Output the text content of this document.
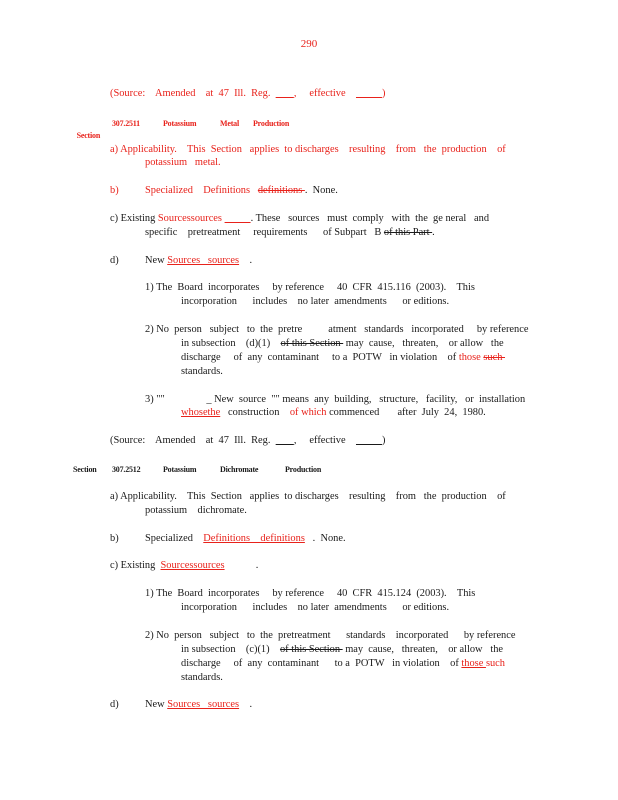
290
(Source:    Amended    at  47  Ill.  Reg.         ,     effective              )

Section

307.2511	Potassium	Metal Production
a) Applicability.    This  Section   applies  to discharges    resulting    from   the  production    of
potassium   metal.
b)	Specialized    Definitions definitions .  None.
c) Existing Sourcessources	. These   sources   must  comply   with  the  ge neral   and
specific    pretreatment     requirements      of Subpart   B of this Part .
d)	New Sources   sources    .
1) The  Board  incorporates     by reference     40  CFR  415.116  (2003).    This
incorporation      includes    no later  amendments      or editions.
2) No  person   subject   to  the  pretre          atment   standards   incorporated     by reference
in subsection    (d)(1)    of this Section  may  cause,   threaten,    or allow   the
discharge     of  any  contaminant     to a  POTW   in violation    of those such
standards.
3) ""                _ New  source  "" means  any  building,   structure,   facility,   or  installation
whosethe   construction    of which commenced       after  July  24,  1980.
(Source:    Amended    at  47  Ill.  Reg.         ,     effective              )
Section 307.2512	Potassium	Dichromate	Production
a) Applicability.    This  Section   applies  to discharges    resulting    from   the  production    of
potassium    dichromate.
b)	Specialized    Definitions    definitions   .  None.
c) Existing  Sourcessources            .
1) The  Board  incorporates     by reference     40  CFR  415.124  (2003).    This
incorporation      includes    no later  amendments      or editions.
2) No  person   subject   to  the  pretreatment      standards    incorporated      by reference
in subsection    (c)(1)    of this Section  may  cause,   threaten,    or allow   the
discharge     of  any  contaminant      to a  POTW   in violation    of those such
standards.
d)	New Sources   sources    .
